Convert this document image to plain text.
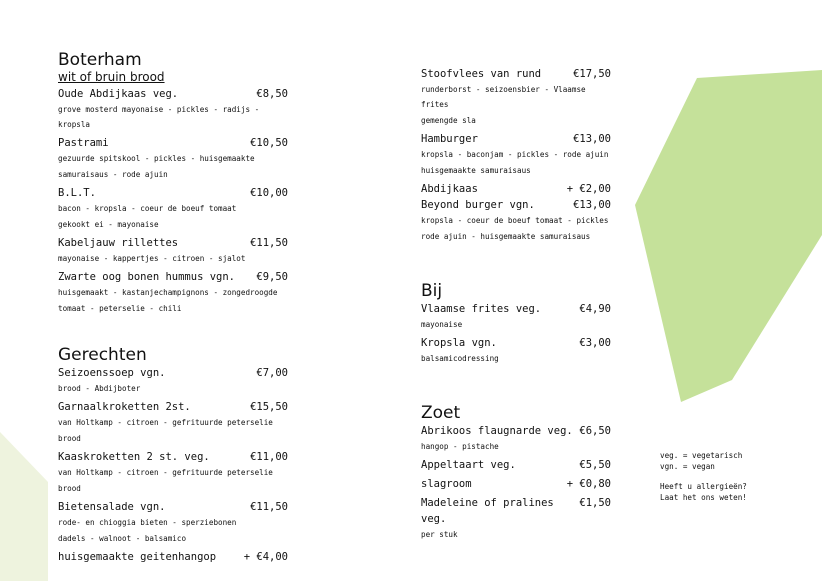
Boterham
wit of bruin brood
Oude Abdijkaas veg.	€8,50
grove mosterd mayonaise - pickles - radijs - kropsla
Pastrami	€10,50
gezuurde spitskool - pickles - huisgemaakte
samuraisaus - rode ajuin
B.L.T.	€10,00
bacon - kropsla - coeur de boeuf tomaat
gekookt ei - mayonaise
Kabeljauw rillettes	€11,50
mayonaise - kappertjes - citroen - sjalot
Zwarte oog bonen hummus vgn. €9,50
huisgemaakt - kastanjechampignons - zongedroogde
tomaat - peterselie - chili
Gerechten
Seizoenssoep vgn.	€7,00
brood - Abdijboter
Garnaalkroketten 2st.	€15,50
van Holtkamp - citroen - gefrituurde peterselie
brood
Kaaskroketten 2 st. veg.	€11,00
van Holtkamp - citroen - gefrituurde peterselie
brood
Bietensalade vgn.	€11,50
rode- en chioggia bieten - sperziebonen
dadels - walnoot - balsamico
huisgemaakte geitenhangop	+ €4,00
Stoofvlees van rund	€17,50
runderborst - seizoensbier - Vlaamse frites
gemengde sla
Hamburger	€13,00
kropsla - baconjam - pickles - rode ajuin
huisgemaakte samuraisaus
Abdijkaas	+ €2,00
Beyond burger vgn.	€13,00
kropsla - coeur de boeuf tomaat - pickles
rode ajuin - huisgemaakte samuraisaus
Bij
Vlaamse frites veg.	€4,90
mayonaise
Kropsla vgn.	€3,00
balsamicodressing
Zoet
Abrikoos flaugnarde veg. €6,50
hangop - pistache
Appeltaart veg.	€5,50
slagroom	+ €0,80
Madeleine of pralines veg.
€1,50
per stuk
veg. = vegetarisch
vgn. = vegan
Heeft u allergieën?
Laat het ons weten!
